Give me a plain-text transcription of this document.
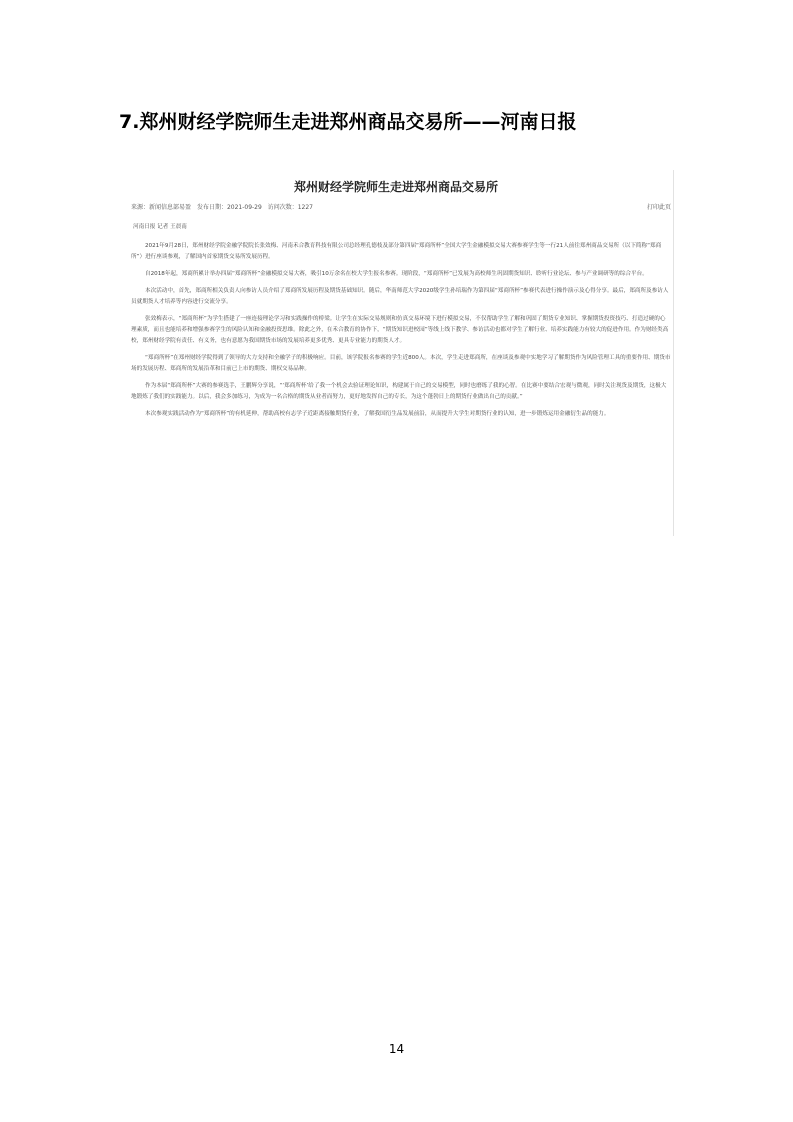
7.郑州财经学院师生走进郑州商品交易所——河南日报
郑州财经学院师生走进郑州商品交易所
来源：新闻信息部易盈 发布日期：2021-09-29 访问次数：1227	打印此页

河南日报 记者 王晨南

2021年9月28日，郑州财经学院金融学院院长张效梅、河南禾合教育科技有限公司总经理孔德枝及部分第四届“郑商所杯”全国大学生金融模拟交易大赛参赛学生等一行21人前往郑州商品交易所（以下简称“郑商所”）进行座谈参观，了解国内首家期货交易所发展历程。

自2018年起，郑商所累计举办四届“郑商所杯”金融模拟交易大赛，吸引10万余名在校大学生报名参赛。现阶段，“郑商所杯”已发展为高校师生巩固期货知识、聆听行业论坛、参与产业调研等的综合平台。

本次活动中，首先，郑商所相关负责人向参访人员介绍了郑商所发展历程及期货基础知识。随后，华南师范大学2020级学生孙培瑞作为第四届“郑商所杯”参赛代表进行操作演示及心得分享。最后，郑商所及参访人员就期货人才培养等内容进行交流分享。

张效梅表示，“郑商所杯”为学生搭建了一座连接理论学习和实践操作的桥梁。让学生在实际交易规则和仿真交易环境下进行模拟交易，不仅帮助学生了解和巩固了期货专业知识、掌握期货投资技巧、打造过硬的心理素质，而且也能培养和增强参赛学生的风险认知和金融投资思维。除此之外，在禾合教育的协作下，“期货知识进校园”等线上线下教学、参访活动也都对学生了解行业、培养实践能力有较大的促进作用。作为财经类高校，郑州财经学院有责任、有义务，也有意愿为我国期货市场的发展培养更多优秀、更具专业能力的期货人才。

“郑商所杯”在郑州财经学院得到了领导的大力支持和全融学子的积极响应。目前，该学院报名参赛的学生近800人。本次，学生走进郑商所，在座谈及参观中实地学习了解期货作为风险管理工具的重要作用、期货市场的发展历程、郑商所的发展沿革和目前已上市的期货、期权交易品种。

作为本届“郑商所杯”大赛的参赛选手，王鹏辉分享说，“‘郑商所杯’给了我一个机会去验证理论知识，构建属于自己的交易模型，同时也磨练了我的心智。在比赛中要结合宏观与微观，同时关注现货及期货，这极大地锻炼了我们的实践能力。以后，我会多加练习，为成为一名合格的期货从业者而努力，更好地发挥自己的专长，为这个蓬勃日上的期货行业做出自己的贡献。”

本次参观实践活动作为“郑商所杯”的有机延伸，帮助高校有志学子近距离接触期货行业，了解我国衍生品发展前沿，从而提升大学生对期货行业的认知，进一步锻炼运用金融衍生品的能力。

14
